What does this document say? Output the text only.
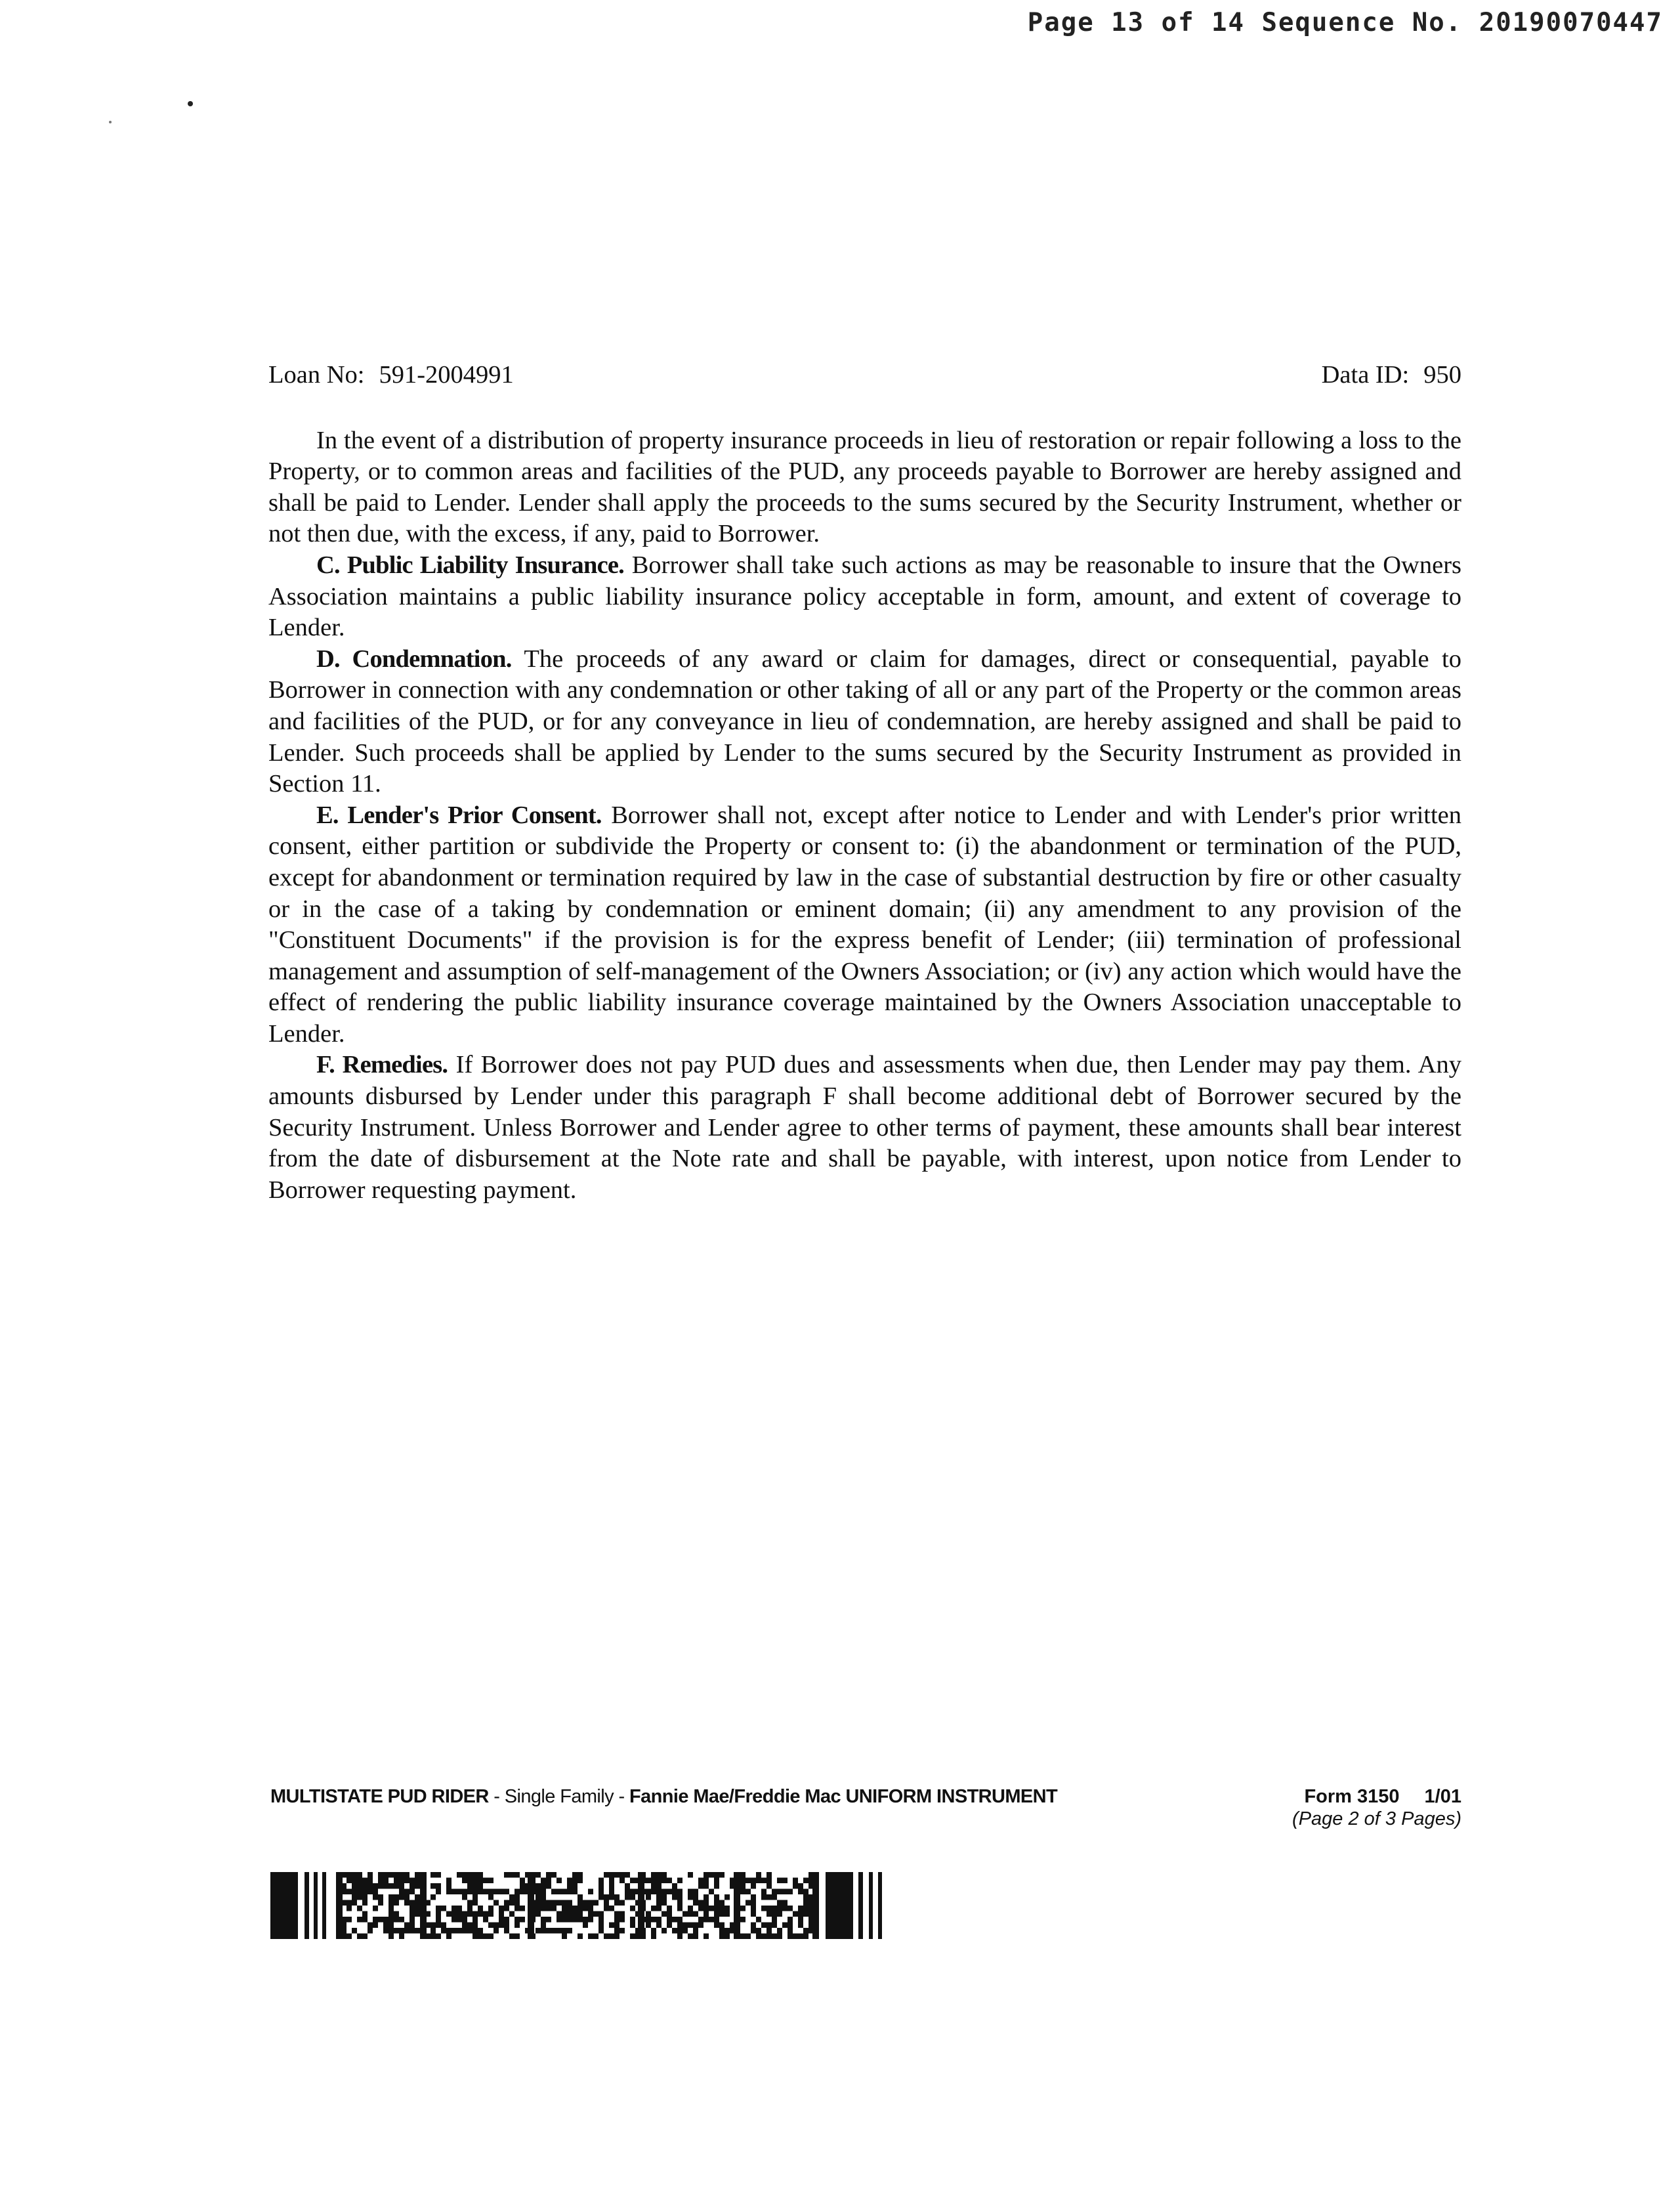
Page 13 of 14 Sequence No. 20190070447
Loan No: 591-2004991	Data ID: 950

In the event of a distribution of property insurance proceeds in lieu of restoration or repair following a loss to the Property, or to common areas and facilities of the PUD, any proceeds payable to Borrower are hereby assigned and shall be paid to Lender. Lender shall apply the proceeds to the sums secured by the Security Instrument, whether or not then due, with the excess, if any, paid to Borrower.

C. Public Liability Insurance. Borrower shall take such actions as may be reasonable to insure that the Owners Association maintains a public liability insurance policy acceptable in form, amount, and extent of coverage to Lender.

D. Condemnation. The proceeds of any award or claim for damages, direct or consequential, payable to Borrower in connection with any condemnation or other taking of all or any part of the Property or the common areas and facilities of the PUD, or for any conveyance in lieu of condemnation, are hereby assigned and shall be paid to Lender. Such proceeds shall be applied by Lender to the sums secured by the Security Instrument as provided in Section 11.

E. Lender's Prior Consent. Borrower shall not, except after notice to Lender and with Lender's prior written consent, either partition or subdivide the Property or consent to: (i) the abandonment or termination of the PUD, except for abandonment or termination required by law in the case of substantial destruction by fire or other casualty or in the case of a taking by condemnation or eminent domain; (ii) any amendment to any provision of the "Constituent Documents" if the provision is for the express benefit of Lender; (iii) termination of professional management and assumption of self-management of the Owners Association; or (iv) any action which would have the effect of rendering the public liability insurance coverage maintained by the Owners Association unacceptable to Lender.

F. Remedies. If Borrower does not pay PUD dues and assessments when due, then Lender may pay them. Any amounts disbursed by Lender under this paragraph F shall become additional debt of Borrower secured by the Security Instrument. Unless Borrower and Lender agree to other terms of payment, these amounts shall bear interest from the date of disbursement at the Note rate and shall be payable, with interest, upon notice from Lender to Borrower requesting payment.

MULTISTATE PUD RIDER - Single Family - Fannie Mae/Freddie Mac UNIFORM INSTRUMENT	Form 3150 1/01
(Page 2 of 3 Pages)
